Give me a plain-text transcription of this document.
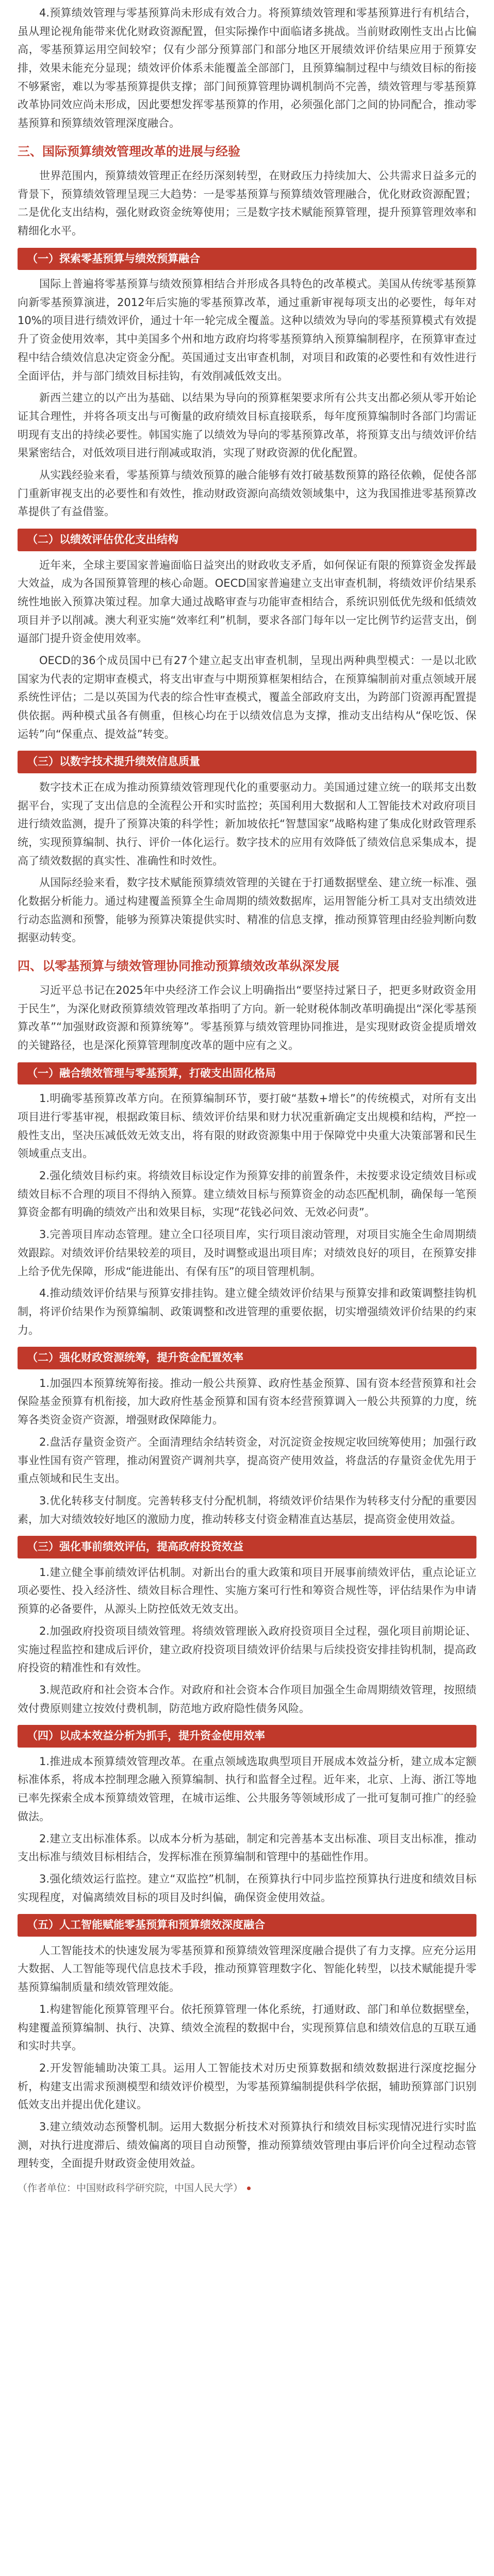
4.预算绩效管理与零基预算尚未形成有效合力。将预算绩效管理和零基预算进行有机结合，虽从理论视角能带来优化财政资源配置，但实际操作中面临诸多挑战。当前财政刚性支出占比偏高，零基预算运用空间较窄；仅有少部分预算部门和部分地区开展绩效评价结果应用于预算安排，效果未能充分显现；绩效评价体系未能覆盖全部部门，且预算编制过程中与绩效目标的衔接不够紧密，难以为零基预算提供支撑；部门间预算管理协调机制尚不完善，绩效管理与零基预算改革协同效应尚未形成，因此要想发挥零基预算的作用，必须强化部门之间的协同配合，推动零基预算和预算绩效管理深度融合。

三、国际预算绩效管理改革的进展与经验

世界范围内，预算绩效管理正在经历深刻转型，在财政压力持续加大、公共需求日益多元的背景下，预算绩效管理呈现三大趋势：一是零基预算与预算绩效管理融合，优化财政资源配置；二是优化支出结构，强化财政资金统筹使用；三是数字技术赋能预算管理，提升预算管理效率和精细化水平。

（一）探索零基预算与绩效预算融合

国际上普遍将零基预算与绩效预算相结合并形成各具特色的改革模式。美国从传统零基预算向新零基预算演进，2012年后实施的零基预算改革，通过重新审视每项支出的必要性，每年对10%的项目进行绩效评价，通过十年一轮完成全覆盖。这种以绩效为导向的零基预算模式有效提升了资金使用效率，其中美国多个州和地方政府均将零基预算纳入预算编制程序，在预算审查过程中结合绩效信息决定资金分配。英国通过支出审查机制，对项目和政策的必要性和有效性进行全面评估，并与部门绩效目标挂钩，有效削减低效支出。

新西兰建立的以产出为基础、以结果为导向的预算框架要求所有公共支出都必须从零开始论证其合理性，并将各项支出与可衡量的政府绩效目标直接联系，每年度预算编制时各部门均需证明现有支出的持续必要性。韩国实施了以绩效为导向的零基预算改革，将预算支出与绩效评价结果紧密结合，对低效项目进行削减或取消，实现了财政资源的优化配置。

从实践经验来看，零基预算与绩效预算的融合能够有效打破基数预算的路径依赖，促使各部门重新审视支出的必要性和有效性，推动财政资源向高绩效领域集中，这为我国推进零基预算改革提供了有益借鉴。

（二）以绩效评估优化支出结构

近年来，全球主要国家普遍面临日益突出的财政收支矛盾，如何保证有限的预算资金发挥最大效益，成为各国预算管理的核心命题。OECD国家普遍建立支出审查机制，将绩效评价结果系统性地嵌入预算决策过程。加拿大通过战略审查与功能审查相结合，系统识别低优先级和低绩效项目并予以削减。澳大利亚实施“效率红利”机制，要求各部门每年以一定比例节约运营支出，倒逼部门提升资金使用效率。

OECD的36个成员国中已有27个建立起支出审查机制，呈现出两种典型模式：一是以北欧国家为代表的定期审查模式，将支出审查与中期预算框架相结合，在预算编制前对重点领域开展系统性评估；二是以英国为代表的综合性审查模式，覆盖全部政府支出，为跨部门资源再配置提供依据。两种模式虽各有侧重，但核心均在于以绩效信息为支撑，推动支出结构从“保吃饭、保运转”向“保重点、提效益”转变。

（三）以数字技术提升绩效信息质量

数字技术正在成为推动预算绩效管理现代化的重要驱动力。美国通过建立统一的联邦支出数据平台，实现了支出信息的全流程公开和实时监控；英国利用大数据和人工智能技术对政府项目进行绩效监测，提升了预算决策的科学性；新加坡依托“智慧国家”战略构建了集成化财政管理系统，实现预算编制、执行、评价一体化运行。数字技术的应用有效降低了绩效信息采集成本，提高了绩效数据的真实性、准确性和时效性。

从国际经验来看，数字技术赋能预算绩效管理的关键在于打通数据壁垒、建立统一标准、强化数据分析能力。通过构建覆盖预算全生命周期的绩效数据库，运用智能分析工具对支出绩效进行动态监测和预警，能够为预算决策提供实时、精准的信息支撑，推动预算管理由经验判断向数据驱动转变。

四、以零基预算与绩效管理协同推动预算绩效改革纵深发展

习近平总书记在2025年中央经济工作会议上明确指出“要坚持过紧日子，把更多财政资金用于民生”，为深化财政预算绩效管理改革指明了方向。新一轮财税体制改革明确提出“深化零基预算改革”“加强财政资源和预算统筹”。零基预算与绩效管理协同推进，是实现财政资金提质增效的关键路径，也是深化预算管理制度改革的题中应有之义。

（一）融合绩效管理与零基预算，打破支出固化格局

1.明确零基预算改革方向。在预算编制环节，要打破“基数+增长”的传统模式，对所有支出项目进行零基审视，根据政策目标、绩效评价结果和财力状况重新确定支出规模和结构，严控一般性支出，坚决压减低效无效支出，将有限的财政资源集中用于保障党中央重大决策部署和民生领域重点支出。

2.强化绩效目标约束。将绩效目标设定作为预算安排的前置条件，未按要求设定绩效目标或绩效目标不合理的项目不得纳入预算。建立绩效目标与预算资金的动态匹配机制，确保每一笔预算资金都有明确的绩效产出和效果目标，实现“花钱必问效、无效必问责”。

3.完善项目库动态管理。建立全口径项目库，实行项目滚动管理，对项目实施全生命周期绩效跟踪。对绩效评价结果较差的项目，及时调整或退出项目库；对绩效良好的项目，在预算安排上给予优先保障，形成“能进能出、有保有压”的项目管理机制。

4.推动绩效评价结果与预算安排挂钩。建立健全绩效评价结果与预算安排和政策调整挂钩机制，将评价结果作为预算编制、政策调整和改进管理的重要依据，切实增强绩效评价结果的约束力。

（二）强化财政资源统筹，提升资金配置效率

1.加强四本预算统筹衔接。推动一般公共预算、政府性基金预算、国有资本经营预算和社会保险基金预算有机衔接，加大政府性基金预算和国有资本经营预算调入一般公共预算的力度，统筹各类资金资产资源，增强财政保障能力。

2.盘活存量资金资产。全面清理结余结转资金，对沉淀资金按规定收回统筹使用；加强行政事业性国有资产管理，推动闲置资产调剂共享，提高资产使用效益，将盘活的存量资金优先用于重点领域和民生支出。

3.优化转移支付制度。完善转移支付分配机制，将绩效评价结果作为转移支付分配的重要因素，加大对绩效较好地区的激励力度，推动转移支付资金精准直达基层，提高资金使用效益。

（三）强化事前绩效评估，提高政府投资效益

1.建立健全事前绩效评估机制。对新出台的重大政策和项目开展事前绩效评估，重点论证立项必要性、投入经济性、绩效目标合理性、实施方案可行性和筹资合规性等，评估结果作为申请预算的必备要件，从源头上防控低效无效支出。

2.加强政府投资项目绩效管理。将绩效管理嵌入政府投资项目全过程，强化项目前期论证、实施过程监控和建成后评价，建立政府投资项目绩效评价结果与后续投资安排挂钩机制，提高政府投资的精准性和有效性。

3.规范政府和社会资本合作。对政府和社会资本合作项目加强全生命周期绩效管理，按照绩效付费原则建立按效付费机制，防范地方政府隐性债务风险。

（四）以成本效益分析为抓手，提升资金使用效率

1.推进成本预算绩效管理改革。在重点领域选取典型项目开展成本效益分析，建立成本定额标准体系，将成本控制理念融入预算编制、执行和监督全过程。近年来，北京、上海、浙江等地已率先探索全成本预算绩效管理，在城市运维、公共服务等领域形成了一批可复制可推广的经验做法。

2.建立支出标准体系。以成本分析为基础，制定和完善基本支出标准、项目支出标准，推动支出标准与绩效目标相结合，发挥标准在预算编制和管理中的基础性作用。

3.强化绩效运行监控。建立“双监控”机制，在预算执行中同步监控预算执行进度和绩效目标实现程度，对偏离绩效目标的项目及时纠偏，确保资金使用效益。

（五）人工智能赋能零基预算和预算绩效深度融合

人工智能技术的快速发展为零基预算和预算绩效管理深度融合提供了有力支撑。应充分运用大数据、人工智能等现代信息技术手段，推动预算管理数字化、智能化转型，以技术赋能提升零基预算编制质量和绩效管理效能。

1.构建智能化预算管理平台。依托预算管理一体化系统，打通财政、部门和单位数据壁垒，构建覆盖预算编制、执行、决算、绩效全流程的数据中台，实现预算信息和绩效信息的互联互通和实时共享。

2.开发智能辅助决策工具。运用人工智能技术对历史预算数据和绩效数据进行深度挖掘分析，构建支出需求预测模型和绩效评价模型，为零基预算编制提供科学依据，辅助预算部门识别低效支出并提出优化建议。

3.建立绩效动态预警机制。运用大数据分析技术对预算执行和绩效目标实现情况进行实时监测，对执行进度滞后、绩效偏离的项目自动预警，推动预算绩效管理由事后评价向全过程动态管理转变，全面提升财政资金使用效益。

（作者单位：中国财政科学研究院，中国人民大学）
